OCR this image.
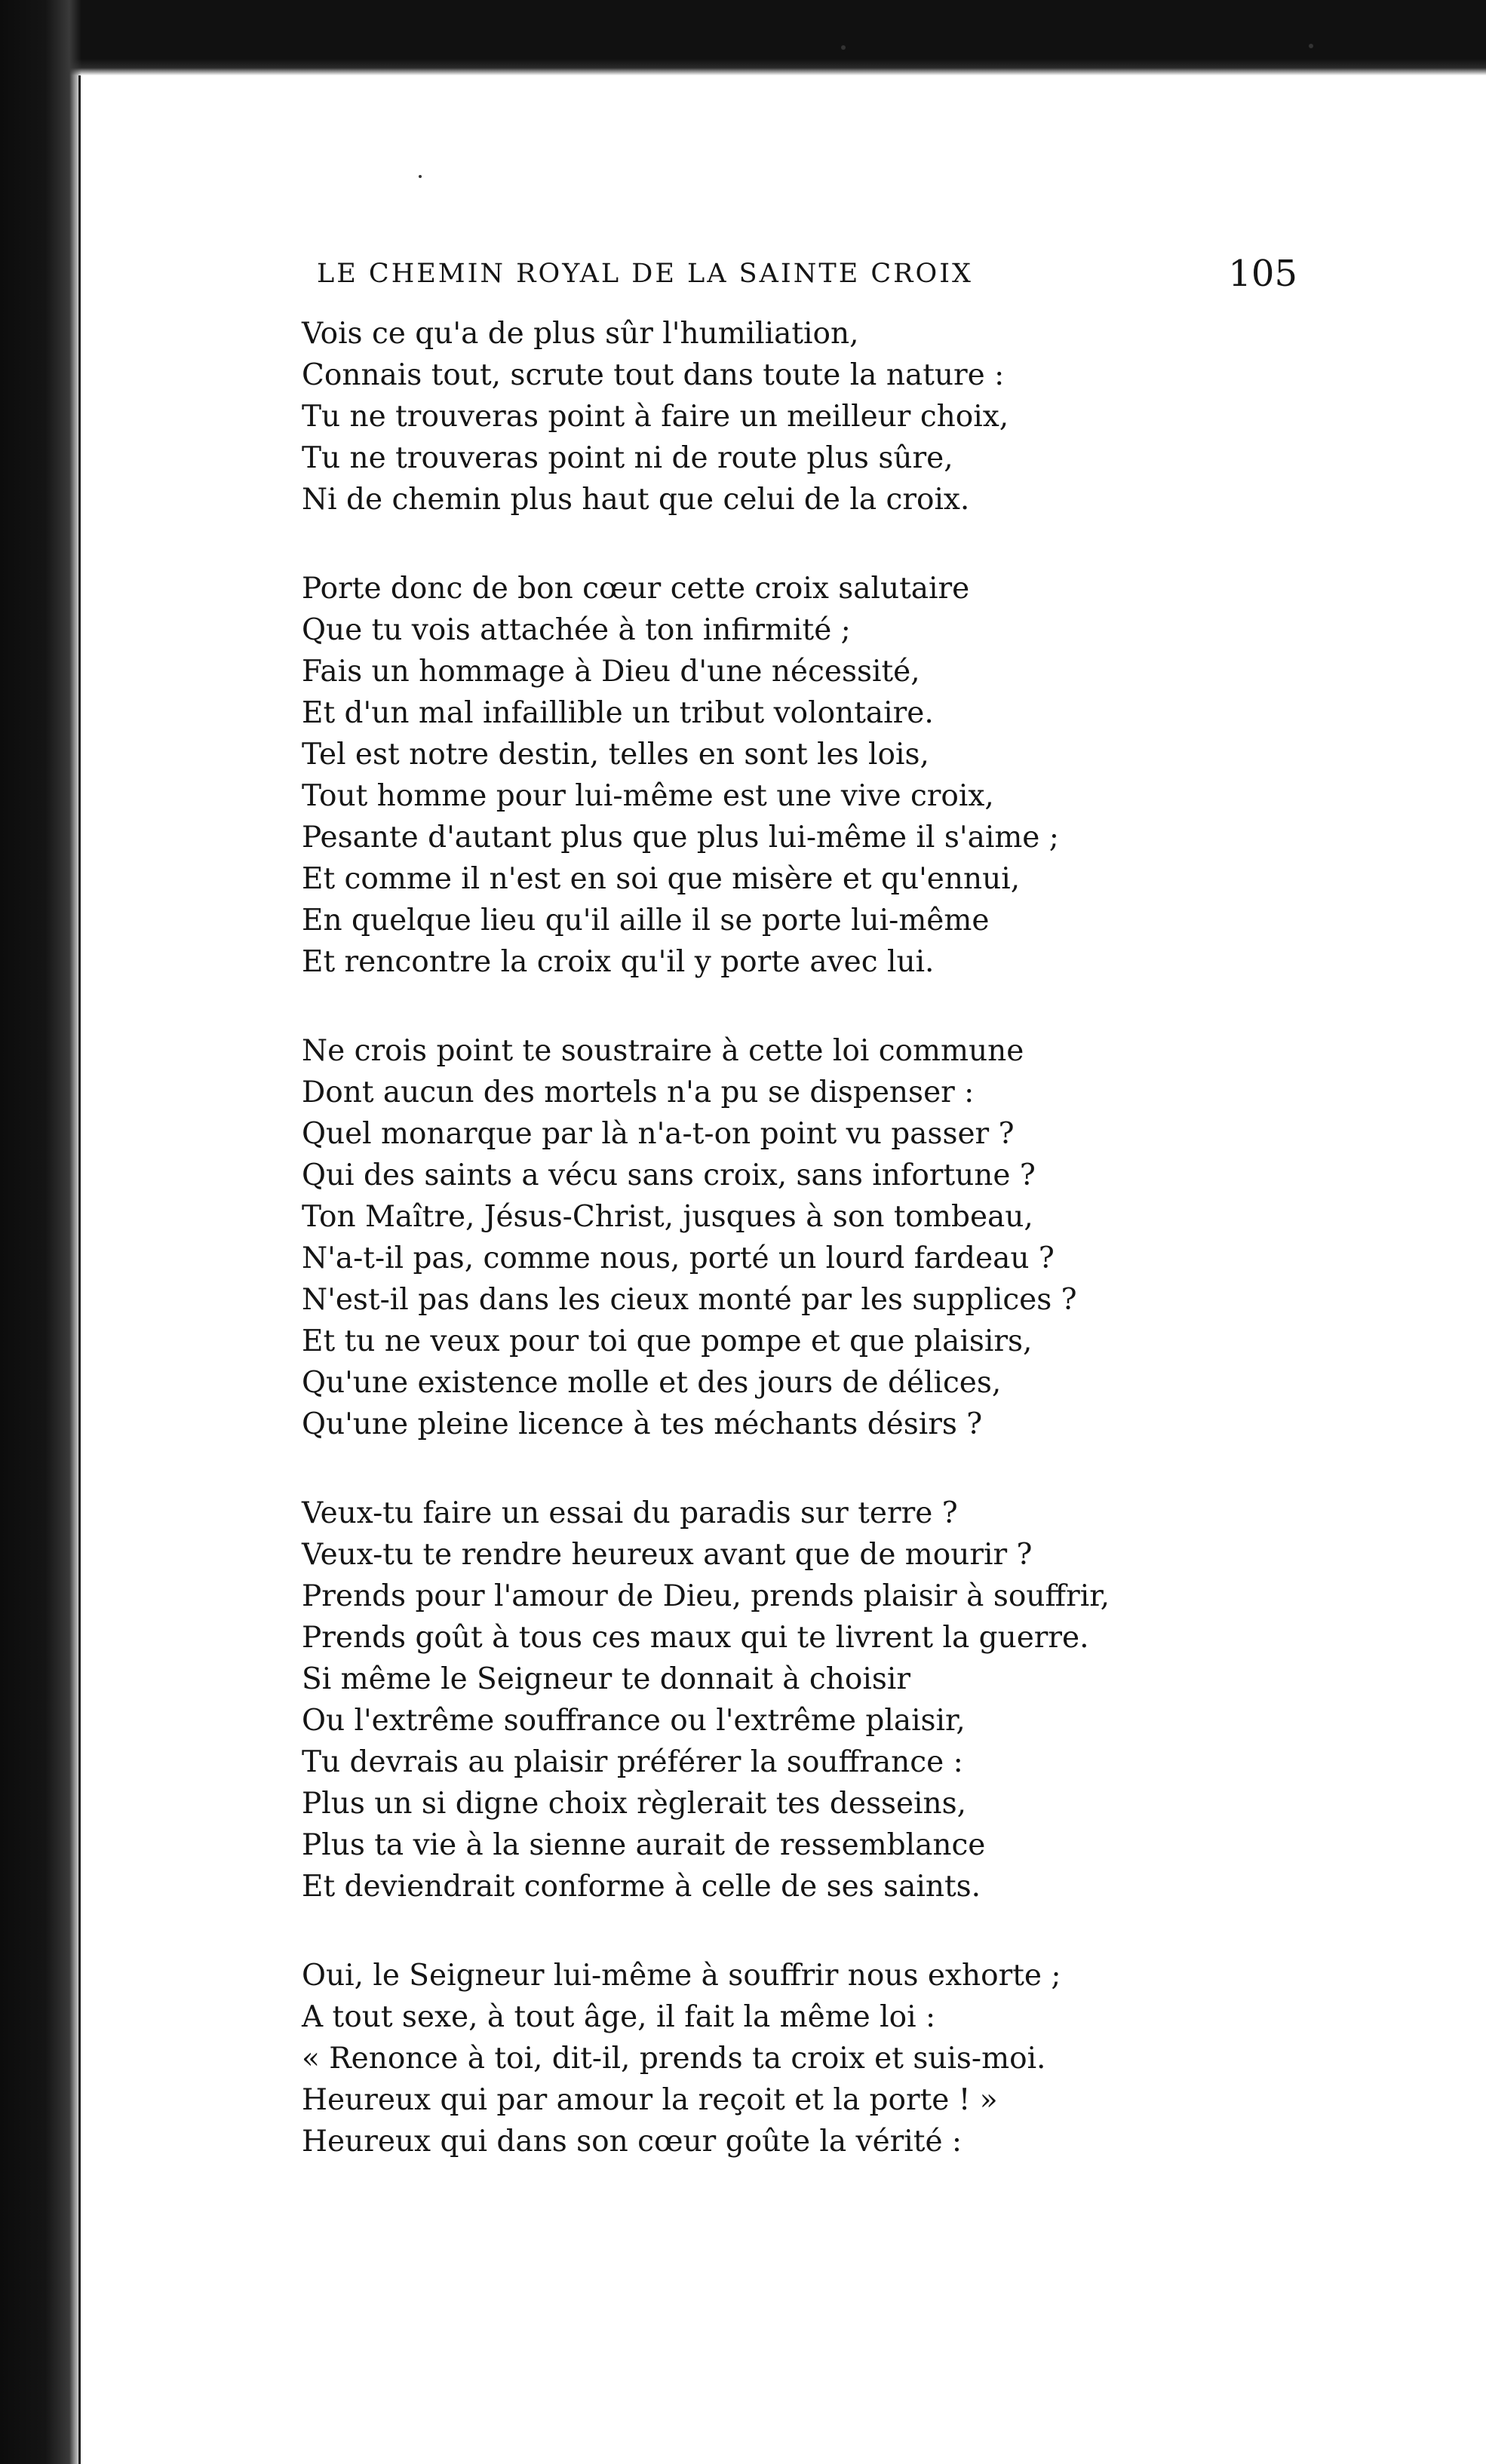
LE CHEMIN ROYAL DE LA SAINTE CROIX	105
Vois ce qu'a de plus sûr l'humiliation,
Connais tout, scrute tout dans toute la nature :
Tu ne trouveras point à faire un meilleur choix,
Tu ne trouveras point ni de route plus sûre,
Ni de chemin plus haut que celui de la croix.
Porte donc de bon cœur cette croix salutaire
Que tu vois attachée à ton infirmité ;
Fais un hommage à Dieu d'une nécessité,
Et d'un mal infaillible un tribut volontaire.
Tel est notre destin, telles en sont les lois,
Tout homme pour lui-même est une vive croix,
Pesante d'autant plus que plus lui-même il s'aime ;
Et comme il n'est en soi que misère et qu'ennui,
En quelque lieu qu'il aille il se porte lui-même
Et rencontre la croix qu'il y porte avec lui.
Ne crois point te soustraire à cette loi commune
Dont aucun des mortels n'a pu se dispenser :
Quel monarque par là n'a-t-on point vu passer ?
Qui des saints a vécu sans croix, sans infortune ?
Ton Maître, Jésus-Christ, jusques à son tombeau,
N'a-t-il pas, comme nous, porté un lourd fardeau ?
N'est-il pas dans les cieux monté par les supplices ?
Et tu ne veux pour toi que pompe et que plaisirs,
Qu'une existence molle et des jours de délices,
Qu'une pleine licence à tes méchants désirs ?
Veux-tu faire un essai du paradis sur terre ?
Veux-tu te rendre heureux avant que de mourir ?
Prends pour l'amour de Dieu, prends plaisir à souffrir,
Prends goût à tous ces maux qui te livrent la guerre.
Si même le Seigneur te donnait à choisir
Ou l'extrême souffrance ou l'extrême plaisir,
Tu devrais au plaisir préférer la souffrance :
Plus un si digne choix règlerait tes desseins,
Plus ta vie à la sienne aurait de ressemblance
Et deviendrait conforme à celle de ses saints.
Oui, le Seigneur lui-même à souffrir nous exhorte ;
A tout sexe, à tout âge, il fait la même loi :
« Renonce à toi, dit-il, prends ta croix et suis-moi.
Heureux qui par amour la reçoit et la porte ! »
Heureux qui dans son cœur goûte la vérité :
